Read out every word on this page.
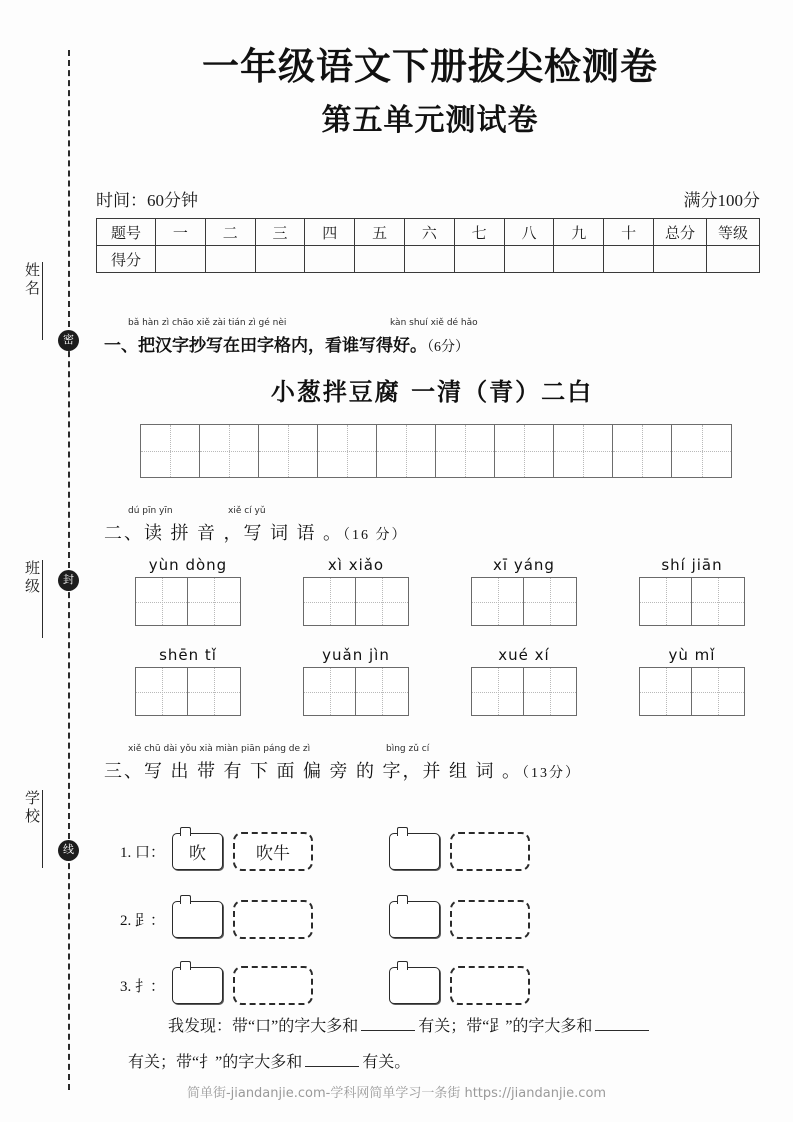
密
封
线
姓名
班级
学校
一年级语文下册拔尖检测卷
第五单元测试卷
时间：60分钟	满分100分
题号	一	二	三	四	五	六	七	八	九	十	总分	等级
得分												
bǎ hàn zì chāo xiě zài tián zì gé nèi	kàn shuí xiě dé hǎo
一、把汉字抄写在田字格内，看谁写得好。（6分）
小葱拌豆腐 一清（青）二白
dú pīn yīn	xiě cí yǔ
二、读 拼 音 ，写 词 语 。（16 分）
yùn dòng	xì xiǎo	xī yáng	shí jiān
shēn tǐ	yuǎn jìn	xué xí	yù mǐ
xiě chū dài yǒu xià miàn piān páng de zì	bìng zǔ cí
三、写 出 带 有 下 面 偏 旁 的 字，并 组 词 。（13分）
1. 口：	吹	吹牛
2. 𧾷：
3. 扌：
我发现：带“口”的字大多和	有关；带“𧾷”的字大多和
有关；带“扌”的字大多和	有关。
简单街-jiandanjie.com-学科网简单学习一条街 https://jiandanjie.com
